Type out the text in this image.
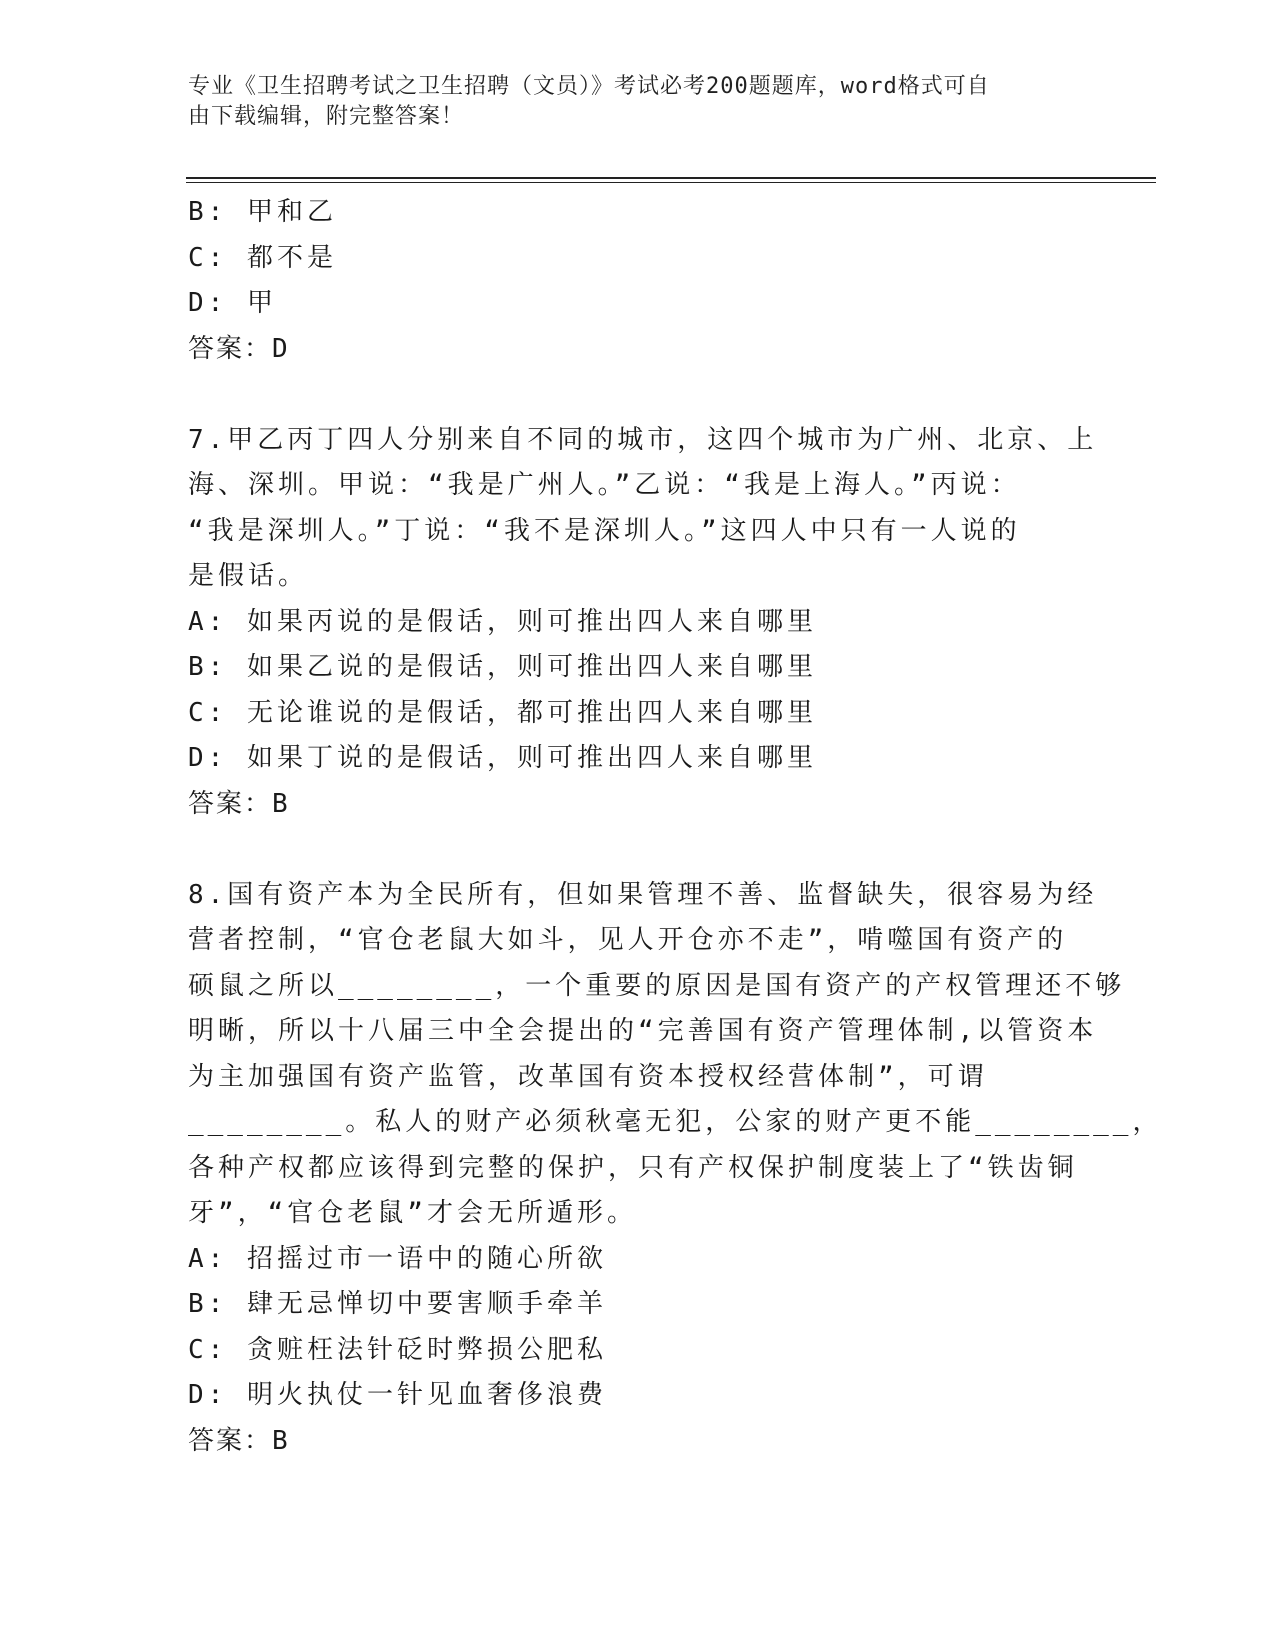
专业《卫生招聘考试之卫生招聘（文员）》考试必考200题题库，word格式可自
由下载编辑，附完整答案！
B: 甲和乙
C: 都不是
D: 甲
答案：D
7.甲乙丙丁四人分别来自不同的城市，这四个城市为广州、北京、上
海、深圳。甲说：“我是广州人。”乙说：“我是上海人。”丙说：
“我是深圳人。”丁说：“我不是深圳人。”这四人中只有一人说的
是假话。
A: 如果丙说的是假话，则可推出四人来自哪里
B: 如果乙说的是假话，则可推出四人来自哪里
C: 无论谁说的是假话，都可推出四人来自哪里
D: 如果丁说的是假话，则可推出四人来自哪里
答案：B
8.国有资产本为全民所有，但如果管理不善、监督缺失，很容易为经
营者控制，“官仓老鼠大如斗，见人开仓亦不走”，啃噬国有资产的
硕鼠之所以________，一个重要的原因是国有资产的产权管理还不够
明晰，所以十八届三中全会提出的“完善国有资产管理体制,以管资本
为主加强国有资产监管，改革国有资本授权经营体制”，可谓
________。私人的财产必须秋毫无犯，公家的财产更不能________，
各种产权都应该得到完整的保护，只有产权保护制度装上了“铁齿铜
牙”，“官仓老鼠”才会无所遁形。
A: 招摇过市一语中的随心所欲
B: 肆无忌惮切中要害顺手牵羊
C: 贪赃枉法针砭时弊损公肥私
D: 明火执仗一针见血奢侈浪费
答案：B
